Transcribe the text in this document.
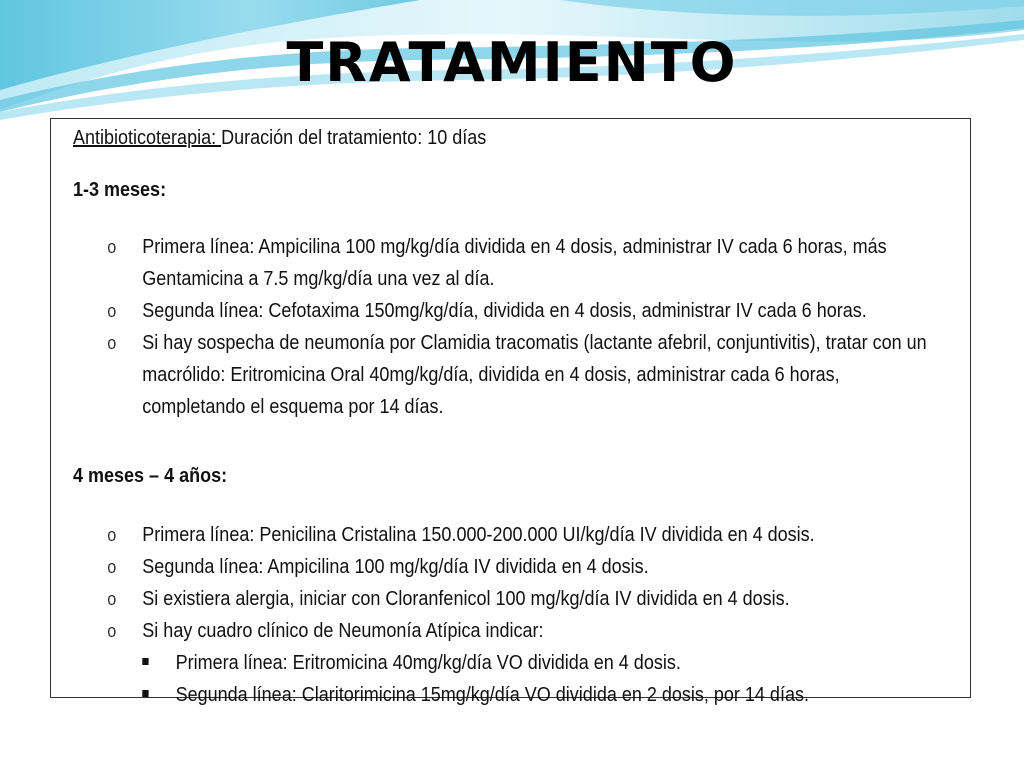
TRATAMIENTO

Antibioticoterapia: Duración del tratamiento: 10 días

1-3 meses:

o Primera línea: Ampicilina 100 mg/kg/día dividida en 4 dosis, administrar IV cada 6 horas, más
Gentamicina a 7.5 mg/kg/día una vez al día.
o Segunda línea: Cefotaxima 150mg/kg/día, dividida en 4 dosis, administrar IV cada 6 horas.
o Si hay sospecha de neumonía por Clamidia tracomatis (lactante afebril, conjuntivitis), tratar con un
macrólido: Eritromicina Oral 40mg/kg/día, dividida en 4 dosis, administrar cada 6 horas,
completando el esquema por 14 días.

4 meses – 4 años:

o Primera línea: Penicilina Cristalina 150.000-200.000 UI/kg/día IV dividida en 4 dosis.
o Segunda línea: Ampicilina 100 mg/kg/día IV dividida en 4 dosis.
o Si existiera alergia, iniciar con Cloranfenicol 100 mg/kg/día IV dividida en 4 dosis.
o Si hay cuadro clínico de Neumonía Atípica indicar:
Primera línea: Eritromicina 40mg/kg/día VO dividida en 4 dosis.
Segunda línea: Claritorimicina 15mg/kg/día VO dividida en 2 dosis, por 14 días.
